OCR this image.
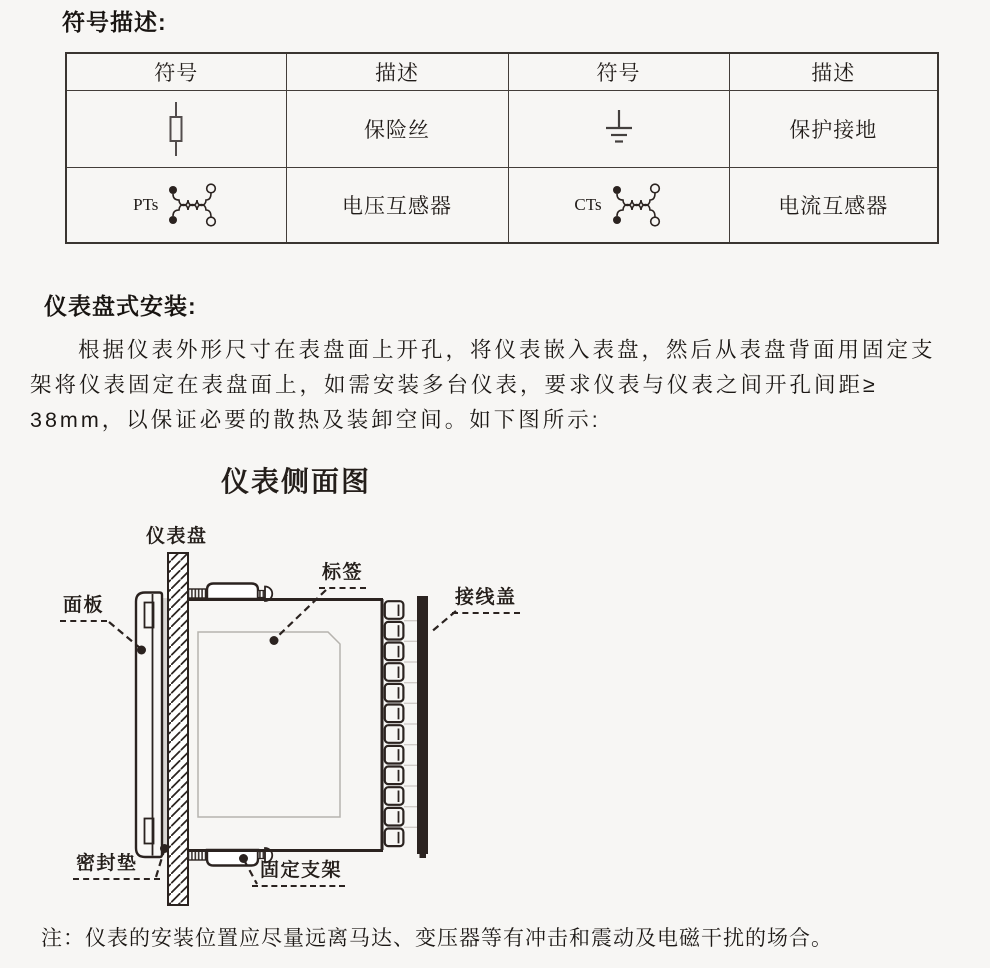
符号描述:
符号	描述	符号	描述

	保险丝		保护接地

PTs	电压互感器	CTs	电流互感器
仪表盘式安装:
根据仪表外形尺寸在表盘面上开孔，将仪表嵌入表盘，然后从表盘背面用固定支
架将仪表固定在表盘面上，如需安装多台仪表，要求仪表与仪表之间开孔间距≥
38mm，以保证必要的散热及装卸空间。如下图所示:
仪表侧面图
仪表盘
面板
标签
接线盖
密封垫	固定支架
注：仪表的安装位置应尽量远离马达、变压器等有冲击和震动及电磁干扰的场合。
